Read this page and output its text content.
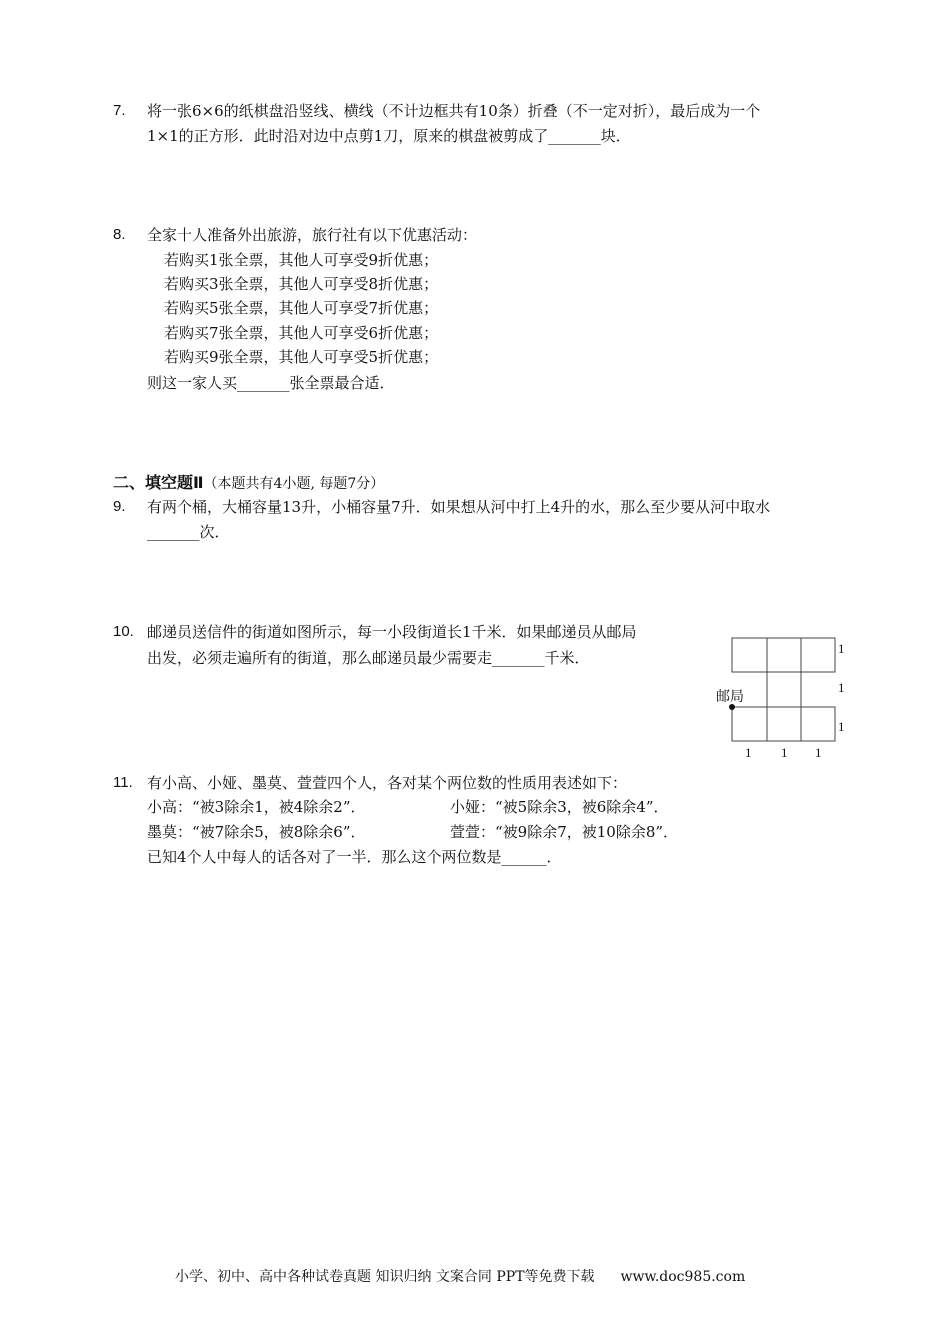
7. 将一张6×6的纸棋盘沿竖线、横线（不计边框共有10条）折叠（不一定对折），最后成为一个
1×1的正方形．此时沿对边中点剪1刀，原来的棋盘被剪成了_______块．
8. 全家十人准备外出旅游，旅行社有以下优惠活动：
若购买1张全票，其他人可享受9折优惠；
若购买3张全票，其他人可享受8折优惠；
若购买5张全票，其他人可享受7折优惠；
若购买7张全票，其他人可享受6折优惠；
若购买9张全票，其他人可享受5折优惠；
则这一家人买_______张全票最合适．
二、填空题Ⅱ（本题共有4小题, 每题7分）
9. 有两个桶，大桶容量13升，小桶容量7升．如果想从河中打上4升的水，那么至少要从河中取水
_______次．
10. 邮递员送信件的街道如图所示，每一小段街道长1千米．如果邮递员从邮局
出发，必须走遍所有的街道，那么邮递员最少需要走_______千米．
邮局
1
1
1
1 1 1
11. 有小高、小娅、墨莫、萱萱四个人，各对某个两位数的性质用表述如下：
小高：“被3除余1，被4除余2”．	小娅：“被5除余3，被6除余4”．
墨莫：“被7除余5，被8除余6”．	萱萱：“被9除余7，被10除余8”．
已知4个人中每人的话各对了一半．那么这个两位数是______．
小学、初中、高中各种试卷真题 知识归纳 文案合同 PPT等免费下载 www.doc985.com
